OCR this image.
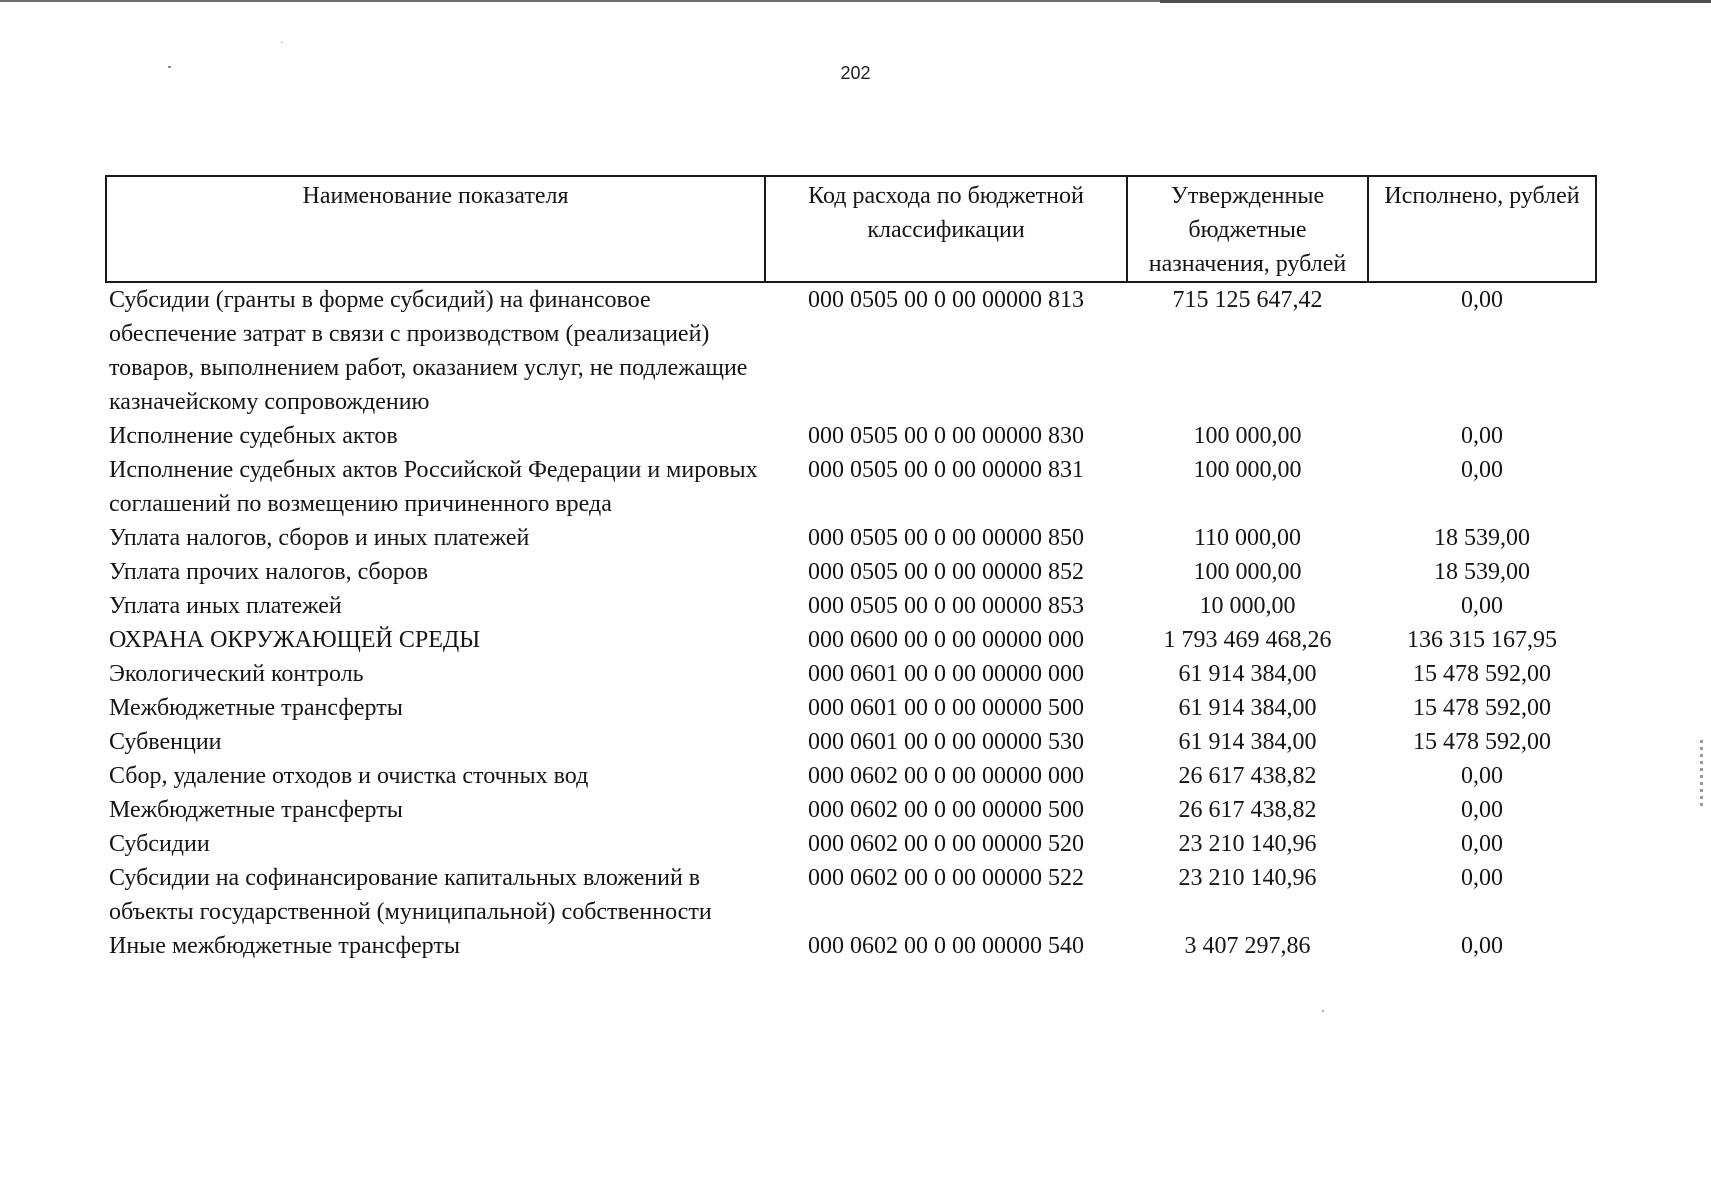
202
Наименование показателя	Код расхода по бюджетной классификации	Утвержденные бюджетные назначения, рублей	Исполнено, рублей
Субсидии (гранты в форме субсидий) на финансовое обеспечение затрат в связи с производством (реализацией) товаров, выполнением работ, оказанием услуг, не подлежащие казначейскому сопровождению	000 0505 00 0 00 00000 813	715 125 647,42	0,00
Исполнение судебных актов	000 0505 00 0 00 00000 830	100 000,00	0,00
Исполнение судебных актов Российской Федерации и мировых соглашений по возмещению причиненного вреда	000 0505 00 0 00 00000 831	100 000,00	0,00
Уплата налогов, сборов и иных платежей	000 0505 00 0 00 00000 850	110 000,00	18 539,00
Уплата прочих налогов, сборов	000 0505 00 0 00 00000 852	100 000,00	18 539,00
Уплата иных платежей	000 0505 00 0 00 00000 853	10 000,00	0,00
ОХРАНА ОКРУЖАЮЩЕЙ СРЕДЫ	000 0600 00 0 00 00000 000	1 793 469 468,26	136 315 167,95
Экологический контроль	000 0601 00 0 00 00000 000	61 914 384,00	15 478 592,00
Межбюджетные трансферты	000 0601 00 0 00 00000 500	61 914 384,00	15 478 592,00
Субвенции	000 0601 00 0 00 00000 530	61 914 384,00	15 478 592,00
Сбор, удаление отходов и очистка сточных вод	000 0602 00 0 00 00000 000	26 617 438,82	0,00
Межбюджетные трансферты	000 0602 00 0 00 00000 500	26 617 438,82	0,00
Субсидии	000 0602 00 0 00 00000 520	23 210 140,96	0,00
Субсидии на софинансирование капитальных вложений в объекты государственной (муниципальной) собственности	000 0602 00 0 00 00000 522	23 210 140,96	0,00
Иные межбюджетные трансферты	000 0602 00 0 00 00000 540	3 407 297,86	0,00
